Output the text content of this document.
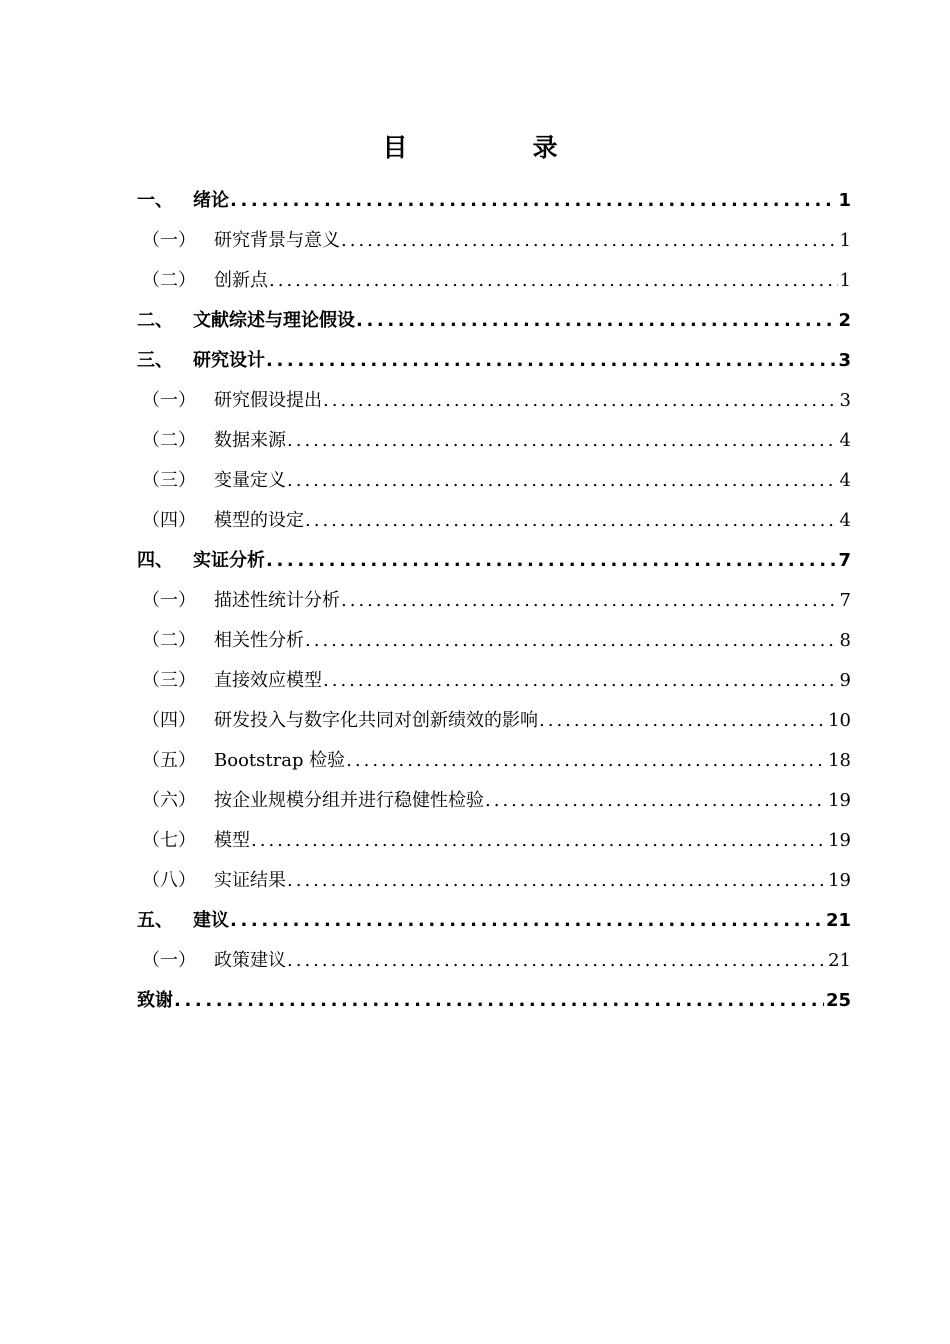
目　录
一、	绪论 .....	1
（一）	研究背景与意义 .....	1
（二）	创新点 .....	1
二、	文献综述与理论假设 .....	2
三、	研究设计 .....	3
（一）	研究假设提出 .....	3
（二）	数据来源 .....	4
（三）	变量定义 .....	4
（四）	模型的设定 .....	4
四、	实证分析 .....	7
（一）	描述性统计分析 .....	7
（二）	相关性分析 .....	8
（三）	直接效应模型 .....	9
（四）	研发投入与数字化共同对创新绩效的影响 .....	10
（五）	Bootstrap 检验 .....	18
（六）	按企业规模分组并进行稳健性检验 .....	19
（七）	模型 .....	19
（八）	实证结果 .....	19
五、	建议 .....	21
（一）	政策建议 .....	21
致谢 .....	25
